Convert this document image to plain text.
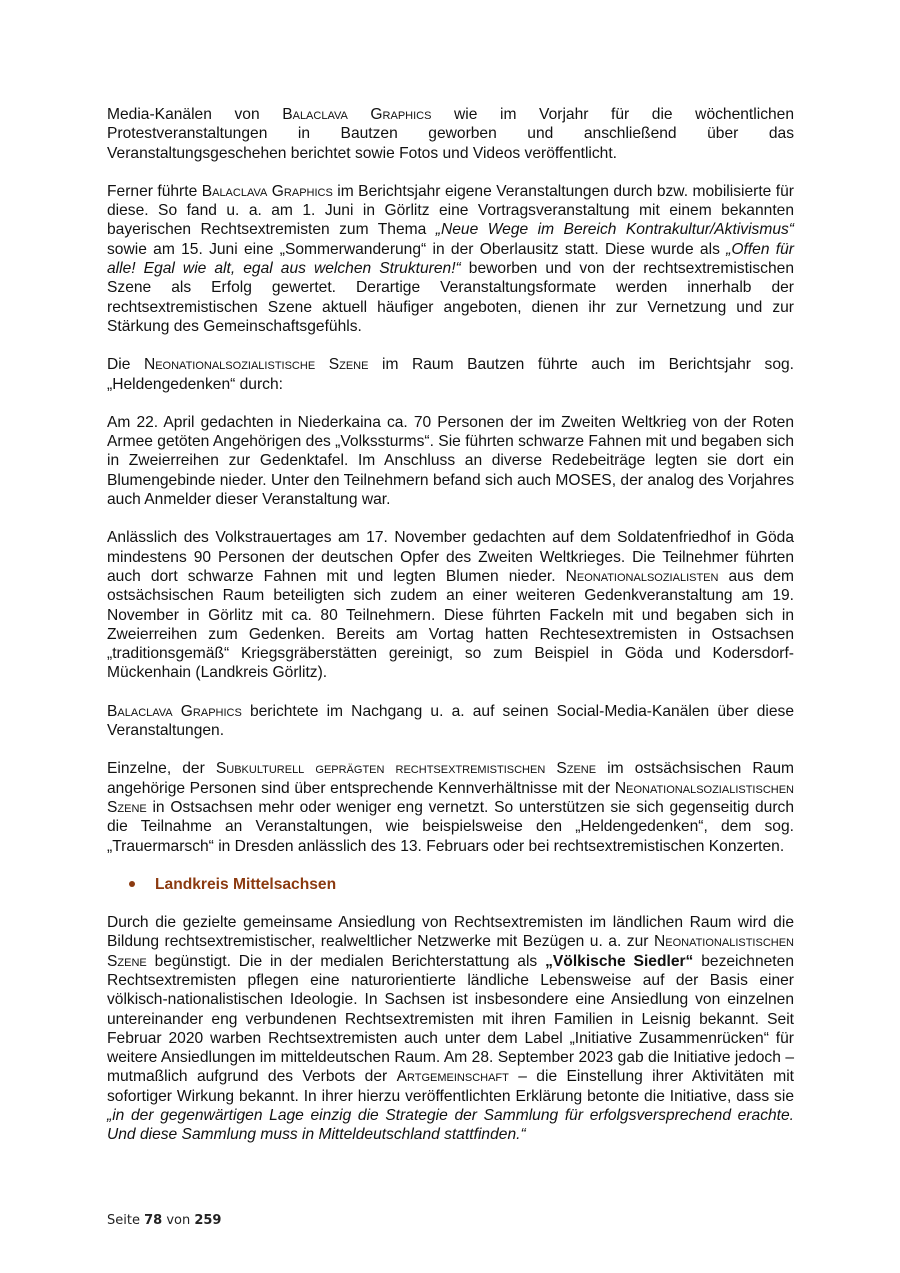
Media-Kanälen von Balaclava Graphics wie im Vorjahr für die wöchentlichen Protestveranstaltungen in Bautzen geworben und anschließend über das Veranstaltungsgeschehen berichtet sowie Fotos und Videos veröffentlicht.

Ferner führte Balaclava Graphics im Berichtsjahr eigene Veranstaltungen durch bzw. mobilisierte für diese. So fand u. a. am 1. Juni in Görlitz eine Vortragsveranstaltung mit einem bekannten bayerischen Rechtsextremisten zum Thema „Neue Wege im Bereich Kontrakultur/Aktivismus“ sowie am 15. Juni eine „Sommerwanderung“ in der Oberlausitz statt. Diese wurde als „Offen für alle! Egal wie alt, egal aus welchen Strukturen!“ beworben und von der rechtsextremistischen Szene als Erfolg gewertet. Derartige Veranstaltungsformate werden innerhalb der rechtsextremistischen Szene aktuell häufiger angeboten, dienen ihr zur Vernetzung und zur Stärkung des Gemeinschaftsgefühls.

Die Neonationalsozialistische Szene im Raum Bautzen führte auch im Berichtsjahr sog. „Heldengedenken“ durch:

Am 22. April gedachten in Niederkaina ca. 70 Personen der im Zweiten Weltkrieg von der Roten Armee getöten Angehörigen des „Volkssturms“. Sie führten schwarze Fahnen mit und begaben sich in Zweierreihen zur Gedenktafel. Im Anschluss an diverse Redebeiträge legten sie dort ein Blumengebinde nieder. Unter den Teilnehmern befand sich auch MOSES, der analog des Vorjahres auch Anmelder dieser Veranstaltung war.

Anlässlich des Volkstrauertages am 17. November gedachten auf dem Soldatenfriedhof in Göda mindestens 90 Personen der deutschen Opfer des Zweiten Weltkrieges. Die Teilnehmer führten auch dort schwarze Fahnen mit und legten Blumen nieder. Neonationalsozialisten aus dem ostsächsischen Raum beteiligten sich zudem an einer weiteren Gedenkveranstaltung am 19. November in Görlitz mit ca. 80 Teilnehmern. Diese führten Fackeln mit und begaben sich in Zweierreihen zum Gedenken. Bereits am Vortag hatten Rechtesextremisten in Ostsachsen „traditionsgemäß“ Kriegsgräberstätten gereinigt, so zum Beispiel in Göda und Kodersdorf-Mückenhain (Landkreis Görlitz).

Balaclava Graphics berichtete im Nachgang u. a. auf seinen Social-Media-Kanälen über diese Veranstaltungen.

Einzelne, der Subkulturell geprägten rechtsextremistischen Szene im ostsächsischen Raum angehörige Personen sind über entsprechende Kennverhältnisse mit der Neonationalsozialistischen Szene in Ostsachsen mehr oder weniger eng vernetzt. So unterstützen sie sich gegenseitig durch die Teilnahme an Veranstaltungen, wie beispielsweise den „Heldengedenken“, dem sog. „Trauermarsch“ in Dresden anlässlich des 13. Februars oder bei rechtsextremistischen Konzerten.

Landkreis Mittelsachsen

Durch die gezielte gemeinsame Ansiedlung von Rechtsextremisten im ländlichen Raum wird die Bildung rechtsextremistischer, realweltlicher Netzwerke mit Bezügen u. a. zur Neonationalistischen Szene begünstigt. Die in der medialen Berichterstattung als „Völkische Siedler“ bezeichneten Rechtsextremisten pflegen eine naturorientierte ländliche Lebensweise auf der Basis einer völkisch-nationalistischen Ideologie. In Sachsen ist insbesondere eine Ansiedlung von einzelnen untereinander eng verbundenen Rechtsextremisten mit ihren Familien in Leisnig bekannt. Seit Februar 2020 warben Rechtsextremisten auch unter dem Label „Initiative Zusammenrücken“ für weitere Ansiedlungen im mitteldeutschen Raum. Am 28. September 2023 gab die Initiative jedoch – mutmaßlich aufgrund des Verbots der Artgemeinschaft – die Einstellung ihrer Aktivitäten mit sofortiger Wirkung bekannt. In ihrer hierzu veröffentlichten Erklärung betonte die Initiative, dass sie „in der gegenwärtigen Lage einzig die Strategie der Sammlung für erfolgsversprechend erachte. Und diese Sammlung muss in Mitteldeutschland stattfinden.“

Seite 78 von 259
